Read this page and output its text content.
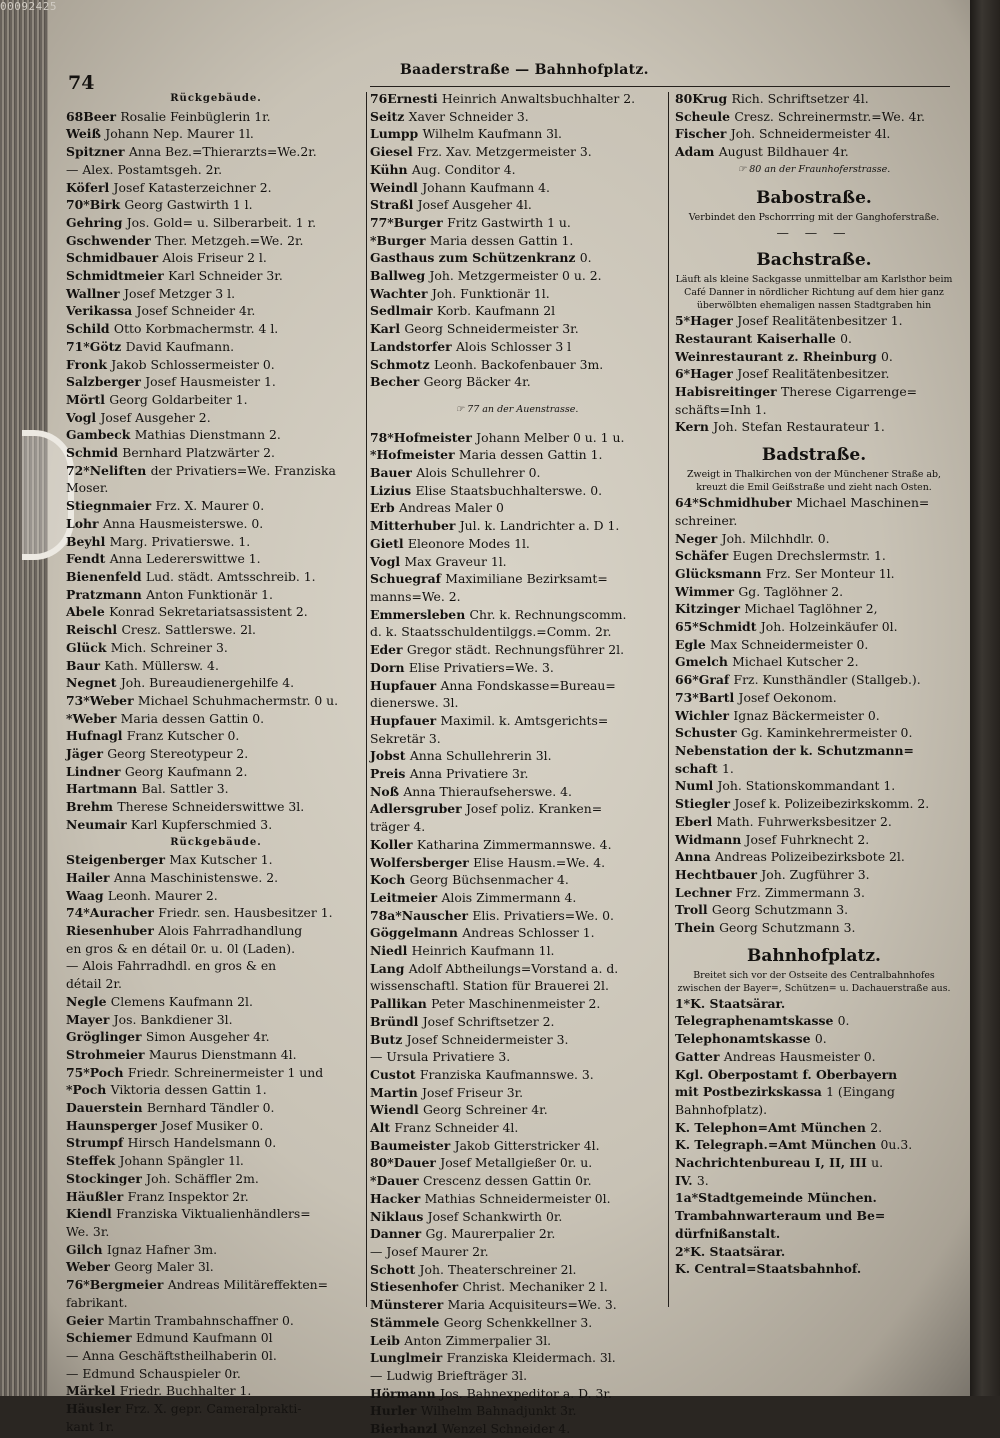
00092425
74
Baaderstraße — Bahnhofplatz.
Rückgebäude.
68Beer Rosalie Feinbüglerin 1r.
Weiß Johann Nep. Maurer 1l.
Spitzner Anna Bez.=Thierarzts=We.2r.
— Alex. Postamtsgeh. 2r.
Köferl Josef Katasterzeichner 2.
70*Birk Georg Gastwirth 1 l.
Gehring Jos. Gold= u. Silberarbeit. 1 r.
Gschwender Ther. Metzgeh.=We. 2r.
Schmidbauer Alois Friseur 2 l.
Schmidtmeier Karl Schneider 3r.
Wallner Josef Metzger 3 l.
Verikassa Josef Schneider 4r.
Schild Otto Korbmachermstr. 4 l.
71*Götz David Kaufmann.
Fronk Jakob Schlossermeister 0.
Salzberger Josef Hausmeister 1.
Mörtl Georg Goldarbeiter 1.
Vogl Josef Ausgeher 2.
Gambeck Mathias Dienstmann 2.
Schmid Bernhard Platzwärter 2.
72*Neliften der Privatiers=We. Franziska
Moser.
Stiegnmaier Frz. X. Maurer 0.
Lohr Anna Hausmeisterswe. 0.
Beyhl Marg. Privatierswe. 1.
Fendt Anna Ledererswittwe 1.
Bienenfeld Lud. städt. Amtsschreib. 1.
Pratzmann Anton Funktionär 1.
Abele Konrad Sekretariatsassistent 2.
Reischl Cresz. Sattlerswe. 2l.
Glück Mich. Schreiner 3.
Baur Kath. Müllersw. 4.
Negnet Joh. Bureaudienergehilfe 4.
73*Weber Michael Schuhmachermstr. 0 u.
*Weber Maria dessen Gattin 0.
Hufnagl Franz Kutscher 0.
Jäger Georg Stereotypeur 2.
Lindner Georg Kaufmann 2.
Hartmann Bal. Sattler 3.
Brehm Therese Schneiderswittwe 3l.
Neumair Karl Kupferschmied 3.
Rückgebäude.
Steigenberger Max Kutscher 1.
Hailer Anna Maschinistenswe. 2.
Waag Leonh. Maurer 2.
74*Auracher Friedr. sen. Hausbesitzer 1.
Riesenhuber Alois Fahrradhandlung
en gros & en détail 0r. u. 0l (Laden).
— Alois Fahrradhdl. en gros & en
détail 2r.
Negle Clemens Kaufmann 2l.
Mayer Jos. Bankdiener 3l.
Gröglinger Simon Ausgeher 4r.
Strohmeier Maurus Dienstmann 4l.
75*Poch Friedr. Schreinermeister 1 und
*Poch Viktoria dessen Gattin 1.
Dauerstein Bernhard Tändler 0.
Haunsperger Josef Musiker 0.
Strumpf Hirsch Handelsmann 0.
Steffek Johann Spängler 1l.
Stockinger Joh. Schäffler 2m.
Häußler Franz Inspektor 2r.
Kiendl Franziska Viktualienhändlers=
We. 3r.
Gilch Ignaz Hafner 3m.
Weber Georg Maler 3l.
76*Bergmeier Andreas Militäreffekten=
fabrikant.
Geier Martin Trambahnschaffner 0.
Schiemer Edmund Kaufmann 0l
— Anna Geschäftstheilhaberin 0l.
— Edmund Schauspieler 0r.
Märkel Friedr. Buchhalter 1.
Häusler Frz. X. gepr. Cameralprakti-
kant 1r.
76Ernesti Heinrich Anwaltsbuchhalter 2.
Seitz Xaver Schneider 3.
Lumpp Wilhelm Kaufmann 3l.
Giesel Frz. Xav. Metzgermeister 3.
Kühn Aug. Conditor 4.
Weindl Johann Kaufmann 4.
Straßl Josef Ausgeher 4l.
77*Burger Fritz Gastwirth 1 u.
*Burger Maria dessen Gattin 1.
Gasthaus zum Schützenkranz 0.
Ballweg Joh. Metzgermeister 0 u. 2.
Wachter Joh. Funktionär 1l.
Sedlmair Korb. Kaufmann 2l
Karl Georg Schneidermeister 3r.
Landstorfer Alois Schlosser 3 l
Schmotz Leonh. Backofenbauer 3m.
Becher Georg Bäcker 4r.
☞ 77 an der Auenstrasse.
78*Hofmeister Johann Melber 0 u. 1 u.
*Hofmeister Maria dessen Gattin 1.
Bauer Alois Schullehrer 0.
Lizius Elise Staatsbuchhalterswe. 0.
Erb Andreas Maler 0
Mitterhuber Jul. k. Landrichter a. D 1.
Gietl Eleonore Modes 1l.
Vogl Max Graveur 1l.
Schuegraf Maximiliane Bezirksamt=
manns=We. 2.
Emmersleben Chr. k. Rechnungscomm.
d. k. Staatsschuldentilggs.=Comm. 2r.
Eder Gregor städt. Rechnungsführer 2l.
Dorn Elise Privatiers=We. 3.
Hupfauer Anna Fondskasse=Bureau=
dienerswe. 3l.
Hupfauer Maximil. k. Amtsgerichts=
Sekretär 3.
Jobst Anna Schullehrerin 3l.
Preis Anna Privatiere 3r.
Noß Anna Thieraufseherswe. 4.
Adlersgruber Josef poliz. Kranken=
träger 4.
Koller Katharina Zimmermannswe. 4.
Wolfersberger Elise Hausm.=We. 4.
Koch Georg Büchsenmacher 4.
Leitmeier Alois Zimmermann 4.
78a*Nauscher Elis. Privatiers=We. 0.
Göggelmann Andreas Schlosser 1.
Niedl Heinrich Kaufmann 1l.
Lang Adolf Abtheilungs=Vorstand a. d.
wissenschaftl. Station für Brauerei 2l.
Pallikan Peter Maschinenmeister 2.
Bründl Josef Schriftsetzer 2.
Butz Josef Schneidermeister 3.
— Ursula Privatiere 3.
Custot Franziska Kaufmannswe. 3.
Martin Josef Friseur 3r.
Wiendl Georg Schreiner 4r.
Alt Franz Schneider 4l.
Baumeister Jakob Gitterstricker 4l.
80*Dauer Josef Metallgießer 0r. u.
*Dauer Crescenz dessen Gattin 0r.
Hacker Mathias Schneidermeister 0l.
Niklaus Josef Schankwirth 0r.
Danner Gg. Maurerpalier 2r.
— Josef Maurer 2r.
Schott Joh. Theaterschreiner 2l.
Stiesenhofer Christ. Mechaniker 2 l.
Münsterer Maria Acquisiteurs=We. 3.
Stämmele Georg Schenkkellner 3.
Leib Anton Zimmerpalier 3l.
Lunglmeir Franziska Kleidermach. 3l.
— Ludwig Briefträger 3l.
Hörmann Jos. Bahnexpeditor a. D. 3r.
Hurler Wilhelm Bahnadjunkt 3r.
Bierhanzl Wenzel Schneider 4.
80Krug Rich. Schriftsetzer 4l.
Scheule Cresz. Schreinermstr.=We. 4r.
Fischer Joh. Schneidermeister 4l.
Adam August Bildhauer 4r.
☞ 80 an der Fraunhoferstrasse.
Babostraße.
Verbindet den Pschorrring mit der Ganghoferstraße.
— — —
Bachstraße.
Läuft als kleine Sackgasse unmittelbar am Karlsthor beim Café Danner in nördlicher Richtung auf dem hier ganz überwölbten ehemaligen nassen Stadtgraben hin
5*Hager Josef Realitätenbesitzer 1.
Restaurant Kaiserhalle 0.
Weinrestaurant z. Rheinburg 0.
6*Hager Josef Realitätenbesitzer.
Habisreitinger Therese Cigarrenge=
schäfts=Inh 1.
Kern Joh. Stefan Restaurateur 1.
Badstraße.
Zweigt in Thalkirchen von der Münchener Straße ab, kreuzt die Emil Geißstraße und zieht nach Osten.
64*Schmidhuber Michael Maschinen=
schreiner.
Neger Joh. Milchhdlr. 0.
Schäfer Eugen Drechslermstr. 1.
Glücksmann Frz. Ser Monteur 1l.
Wimmer Gg. Taglöhner 2.
Kitzinger Michael Taglöhner 2,
65*Schmidt Joh. Holzeinkäufer 0l.
Egle Max Schneidermeister 0.
Gmelch Michael Kutscher 2.
66*Graf Frz. Kunsthändler (Stallgeb.).
73*Bartl Josef Oekonom.
Wichler Ignaz Bäckermeister 0.
Schuster Gg. Kaminkehrermeister 0.
Nebenstation der k. Schutzmann=
schaft 1.
Numl Joh. Stationskommandant 1.
Stiegler Josef k. Polizeibezirkskomm. 2.
Eberl Math. Fuhrwerksbesitzer 2.
Widmann Josef Fuhrknecht 2.
Anna Andreas Polizeibezirksbote 2l.
Hechtbauer Joh. Zugführer 3.
Lechner Frz. Zimmermann 3.
Troll Georg Schutzmann 3.
Thein Georg Schutzmann 3.
Bahnhofplatz.
Breitet sich vor der Ostseite des Centralbahnhofes zwischen der Bayer=, Schützen= u. Dachauerstraße aus.
1*K. Staatsärar.
Telegraphenamtskasse 0.
Telephonamtskasse 0.
Gatter Andreas Hausmeister 0.
Kgl. Oberpostamt f. Oberbayern
mit Postbezirkskassa 1 (Eingang
Bahnhofplatz).
K. Telephon=Amt München 2.
K. Telegraph.=Amt München 0u.3.
Nachrichtenbureau I, II, III u.
IV. 3.
1a*Stadtgemeinde München.
Trambahnwarteraum und Be=
dürfnißanstalt.
2*K. Staatsärar.
K. Central=Staatsbahnhof.
